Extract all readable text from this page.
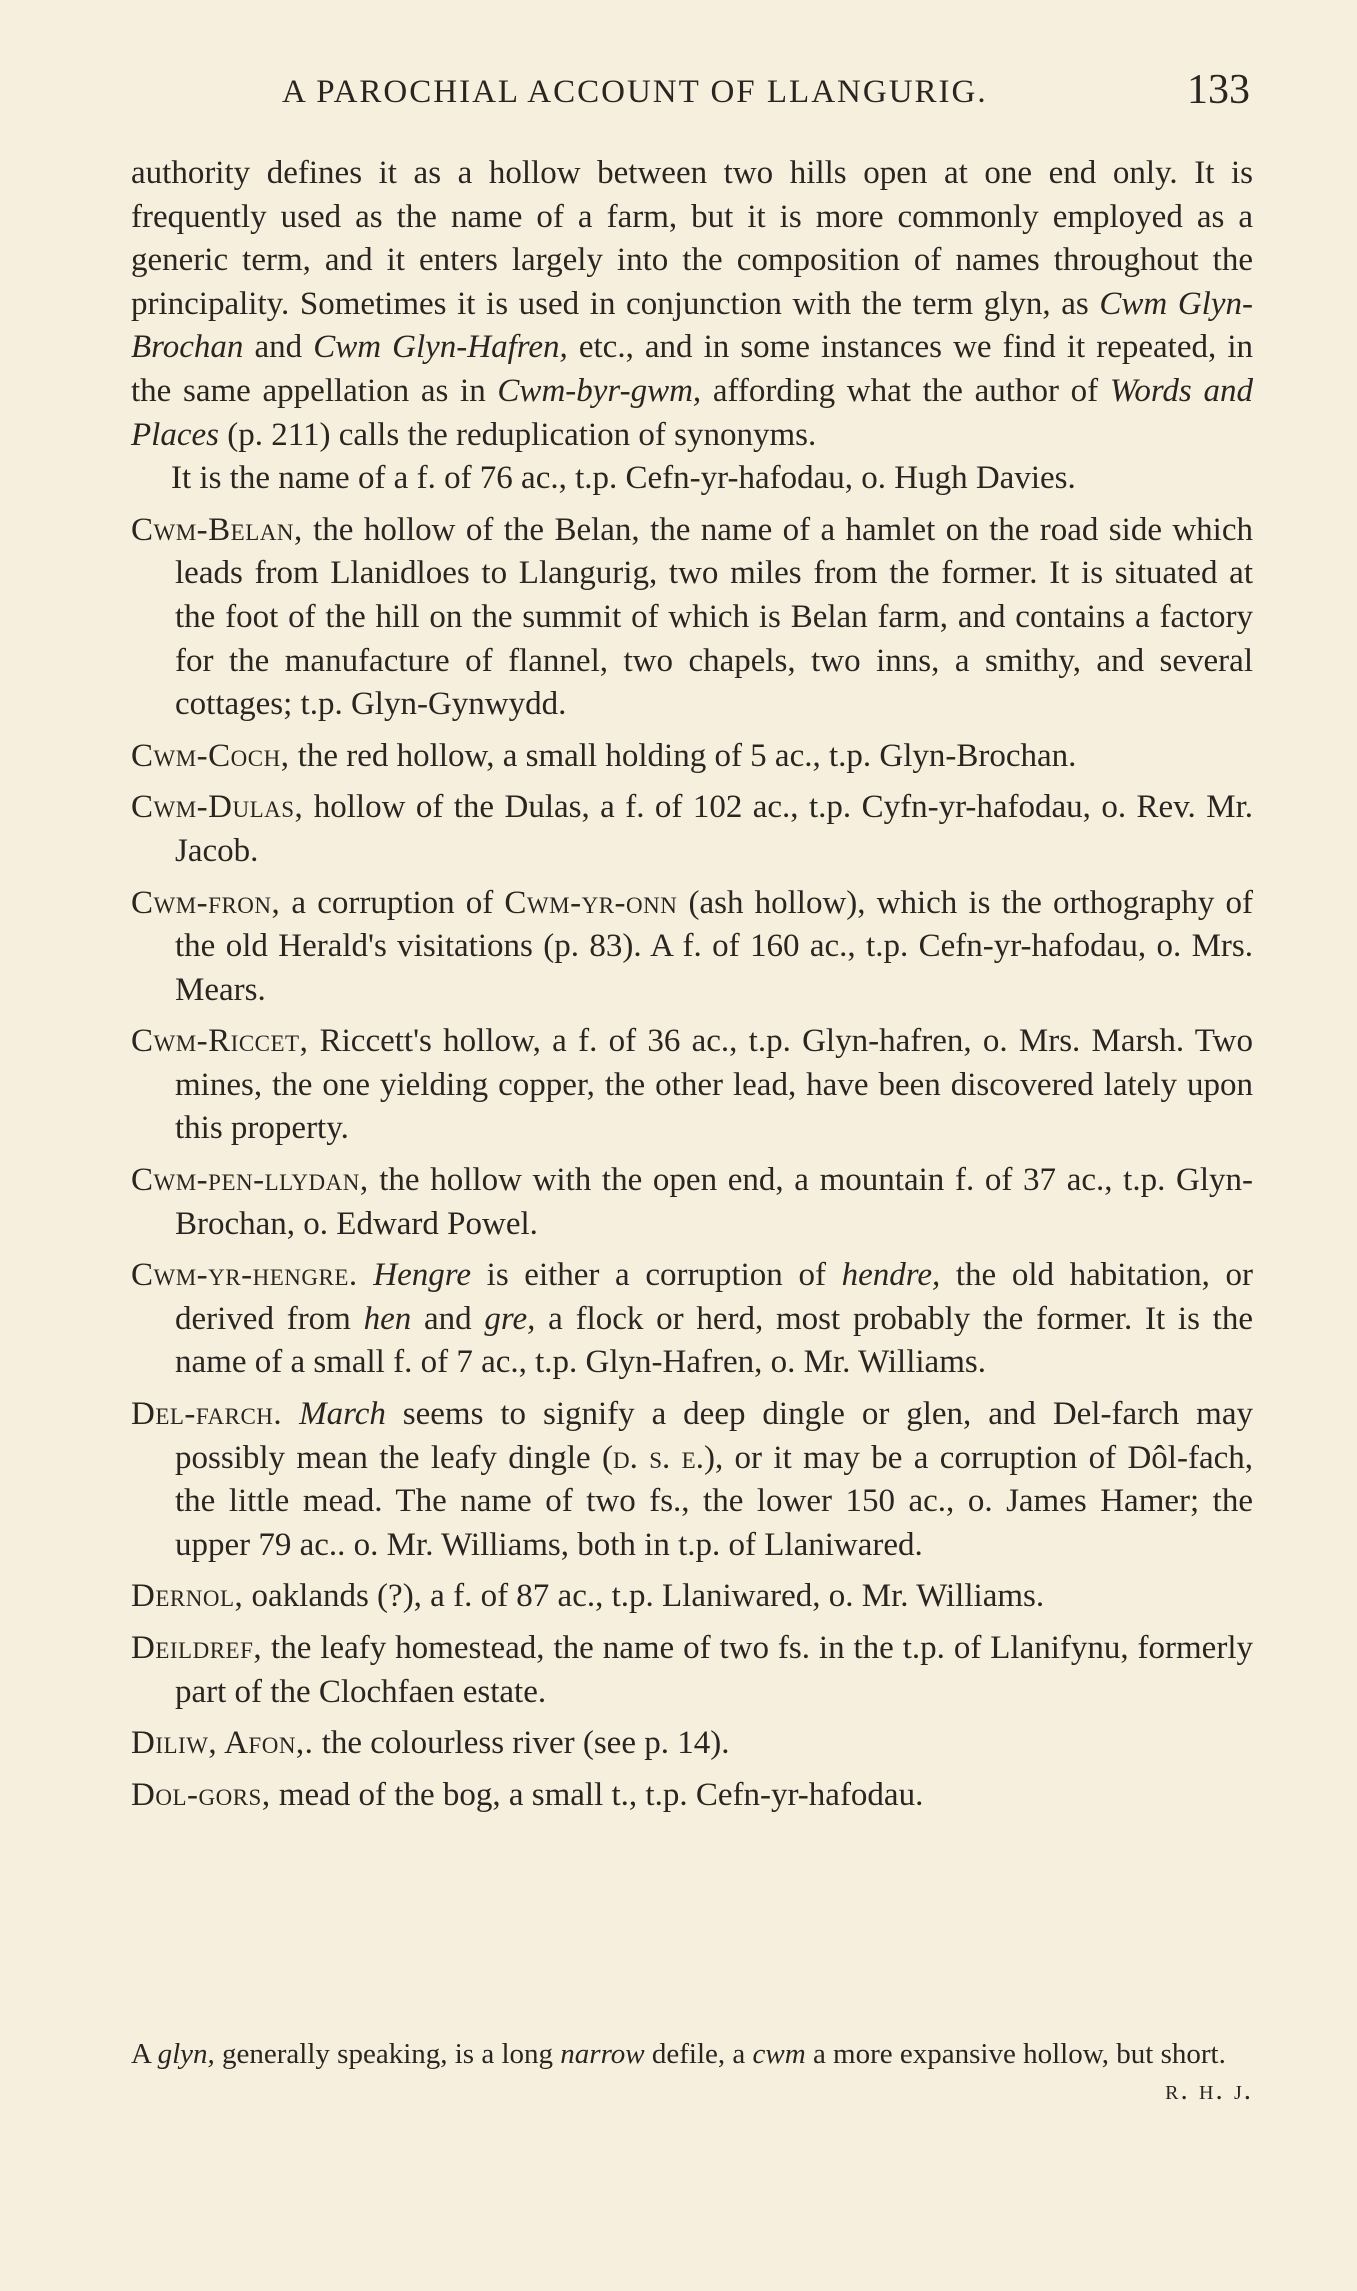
A PAROCHIAL ACCOUNT OF LLANGURIG.	133

authority defines it as a hollow between two hills open at one end only. It is frequently used as the name of a farm, but it is more commonly employed as a generic term, and it enters largely into the composition of names throughout the principality. Sometimes it is used in conjunction with the term glyn, as Cwm Glyn-Brochan and Cwm Glyn-Hafren, etc., and in some instances we find it repeated, in the same appellation as in Cwm-byr-gwm, affording what the author of Words and Places (p. 211) calls the reduplication of synonyms.

It is the name of a f. of 76 ac., t.p. Cefn-yr-hafodau, o. Hugh Davies.

Cwm-Belan, the hollow of the Belan, the name of a hamlet on the road side which leads from Llanidloes to Llangurig, two miles from the former. It is situated at the foot of the hill on the summit of which is Belan farm, and contains a factory for the manufacture of flannel, two chapels, two inns, a smithy, and several cottages; t.p. Glyn-Gynwydd.

Cwm-Coch, the red hollow, a small holding of 5 ac., t.p. Glyn-Brochan.

Cwm-Dulas, hollow of the Dulas, a f. of 102 ac., t.p. Cyfn-yr-hafodau, o. Rev. Mr. Jacob.

Cwm-fron, a corruption of Cwm-yr-onn (ash hollow), which is the orthography of the old Herald's visitations (p. 83). A f. of 160 ac., t.p. Cefn-yr-hafodau, o. Mrs. Mears.

Cwm-Riccet, Riccett's hollow, a f. of 36 ac., t.p. Glyn-hafren, o. Mrs. Marsh. Two mines, the one yielding copper, the other lead, have been discovered lately upon this property.

Cwm-pen-llydan, the hollow with the open end, a mountain f. of 37 ac., t.p. Glyn-Brochan, o. Edward Powel.

Cwm-yr-hengre. Hengre is either a corruption of hendre, the old habitation, or derived from hen and gre, a flock or herd, most probably the former. It is the name of a small f. of 7 ac., t.p. Glyn-Hafren, o. Mr. Williams.

Del-farch. March seems to signify a deep dingle or glen, and Del-farch may possibly mean the leafy dingle (d. s. e.), or it may be a corruption of Dôl-fach, the little mead. The name of two fs., the lower 150 ac., o. James Hamer; the upper 79 ac.. o. Mr. Williams, both in t.p. of Llaniwared.

Dernol, oaklands (?), a f. of 87 ac., t.p. Llaniwared, o. Mr. Williams.

Deildref, the leafy homestead, the name of two fs. in the t.p. of Llanifynu, formerly part of the Clochfaen estate.

Diliw, Afon,. the colourless river (see p. 14).

Dol-gors, mead of the bog, a small t., t.p. Cefn-yr-hafodau.

A glyn, generally speaking, is a long narrow defile, a cwm a more expansive hollow, but short.
r. h. j.
